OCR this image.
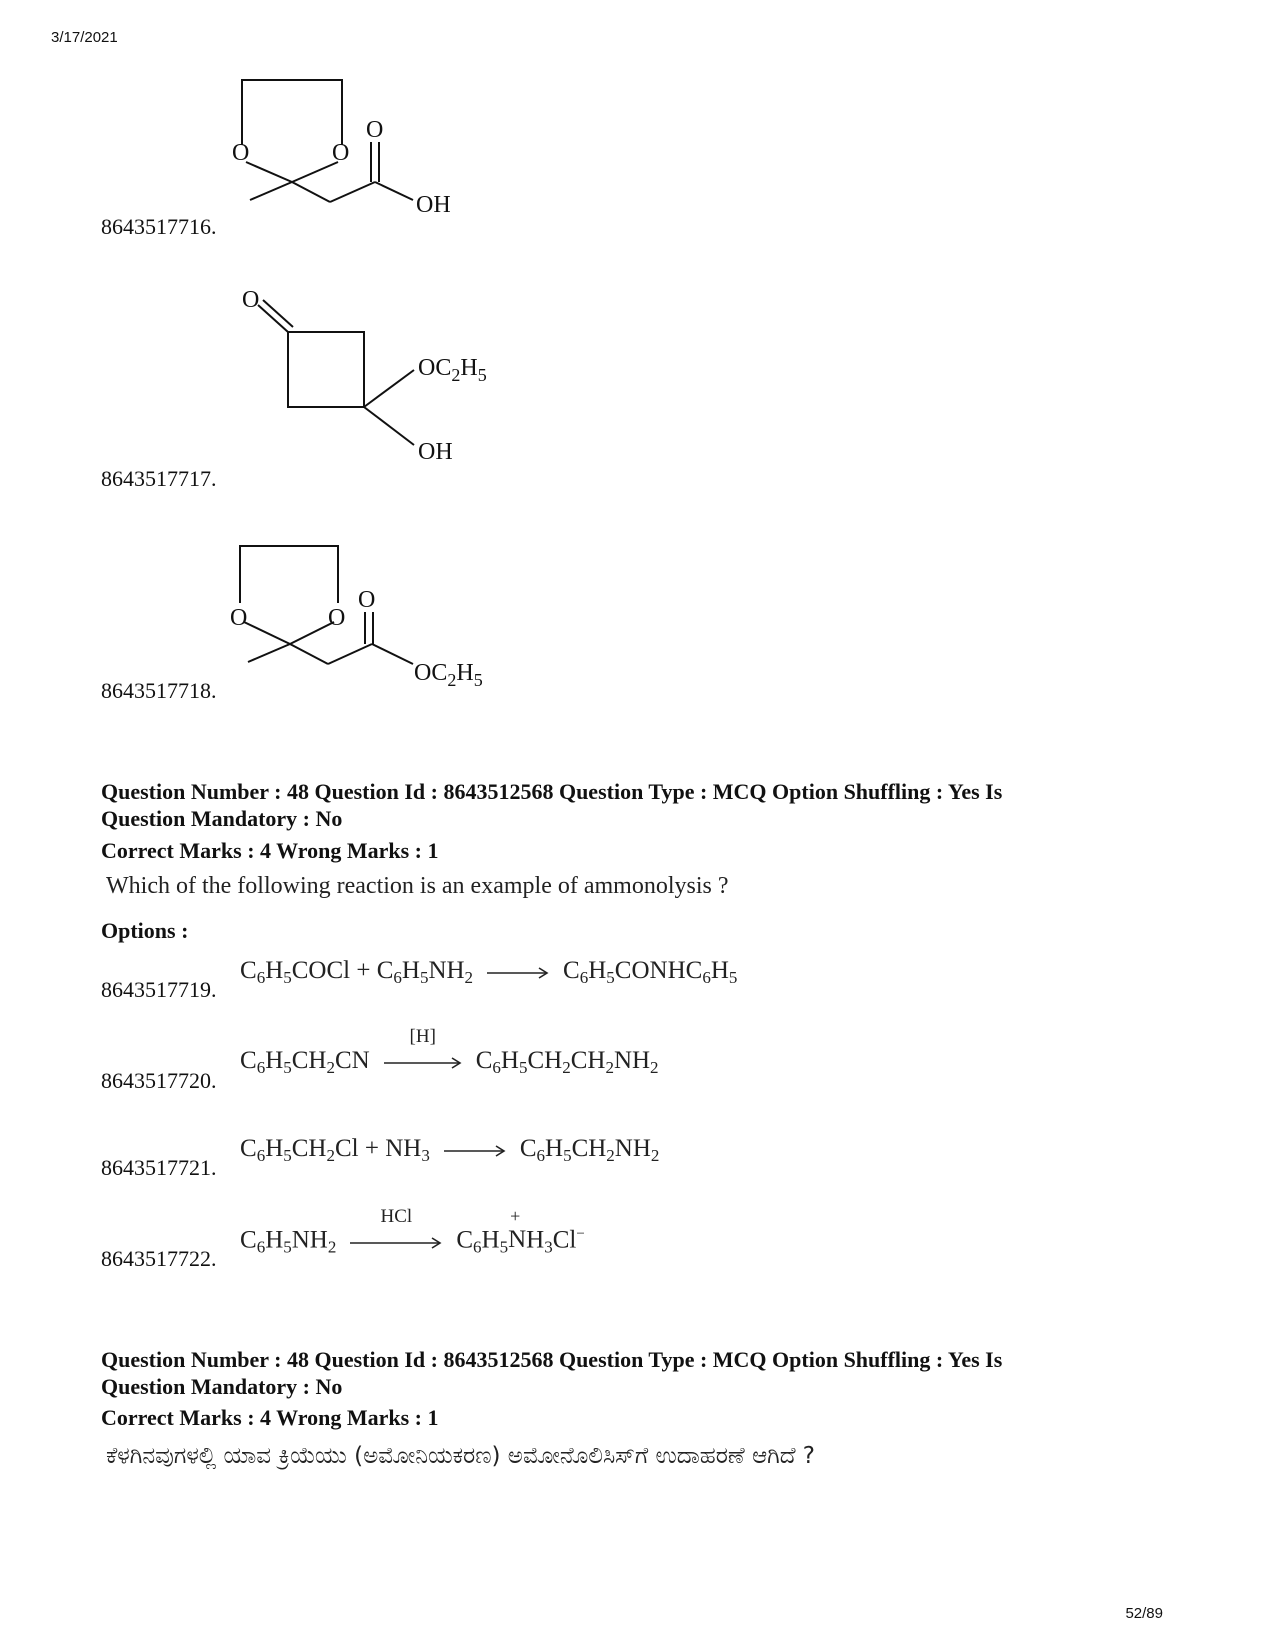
3/17/2021
O	O
O
OH
8643517716.
O
$OC_2H_5$
OH
8643517717.
O	O
O
$OC_2H_5$
8643517718.
Question Number : 48 Question Id : 8643512568 Question Type : MCQ Option Shuffling : Yes Is
Question Mandatory : No
Correct Marks : 4 Wrong Marks : 1
Which of the following reaction is an example of ammonolysis ?
Options :
8643517719.
$C_6H_5COCl + C_6H_5NH_2$ → $C_6H_5CONHC_6H_5$
8643517720.
$C_6H_5CH_2CN$
[H]
$C_6H_5CH_2CH_2NH_2$
8643517721.
$C_6H_5CH_2Cl + NH_3 \to C_6H_5CH_2NH_2$
8643517722.
$C_6H_5NH_2$
HCl
$C_6H_5$
+
$NH_3Cl^-$
Question Number : 48 Question Id : 8643512568 Question Type : MCQ Option Shuffling : Yes Is
Question Mandatory : No
Correct Marks : 4 Wrong Marks : 1
ಕೆಳಗಿನವುಗಳಲ್ಲಿ ಯಾವ ಕ್ರಿಯೆಯು (ಅಮೋನಿಯಕರಣ) ಅಮೋನೊಲಿಸಿಸ್‌ಗೆ ಉದಾಹರಣೆ ಆಗಿದೆ ?
52/89
